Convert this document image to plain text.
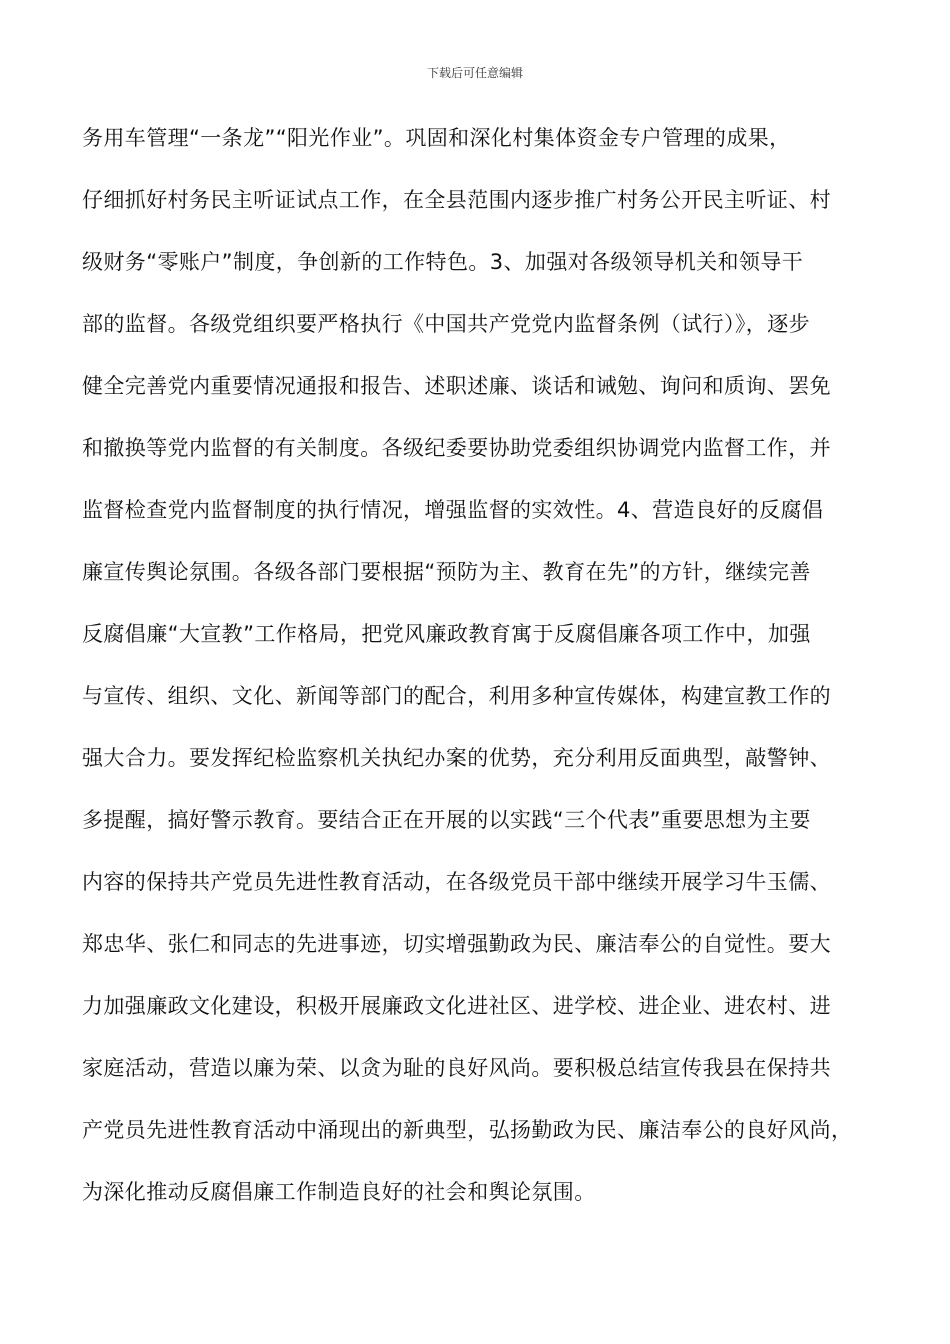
下载后可任意编辑
务用车管理“一条龙”“阳光作业”。巩固和深化村集体资金专户管理的成果，
仔细抓好村务民主听证试点工作，在全县范围内逐步推广村务公开民主听证、村
级财务“零账户”制度，争创新的工作特色。3、加强对各级领导机关和领导干
部的监督。各级党组织要严格执行《中国共产党党内监督条例（试行）》，逐步
健全完善党内重要情况通报和报告、述职述廉、谈话和诫勉、询问和质询、罢免
和撤换等党内监督的有关制度。各级纪委要协助党委组织协调党内监督工作，并
监督检查党内监督制度的执行情况，增强监督的实效性。4、营造良好的反腐倡
廉宣传舆论氛围。各级各部门要根据“预防为主、教育在先”的方针，继续完善
反腐倡廉“大宣教”工作格局，把党风廉政教育寓于反腐倡廉各项工作中，加强
与宣传、组织、文化、新闻等部门的配合，利用多种宣传媒体，构建宣教工作的
强大合力。要发挥纪检监察机关执纪办案的优势，充分利用反面典型，敲警钟、
多提醒，搞好警示教育。要结合正在开展的以实践“三个代表”重要思想为主要
内容的保持共产党员先进性教育活动，在各级党员干部中继续开展学习牛玉儒、
郑忠华、张仁和同志的先进事迹，切实增强勤政为民、廉洁奉公的自觉性。要大
力加强廉政文化建设，积极开展廉政文化进社区、进学校、进企业、进农村、进
家庭活动，营造以廉为荣、以贪为耻的良好风尚。要积极总结宣传我县在保持共
产党员先进性教育活动中涌现出的新典型，弘扬勤政为民、廉洁奉公的良好风尚，
为深化推动反腐倡廉工作制造良好的社会和舆论氛围。
